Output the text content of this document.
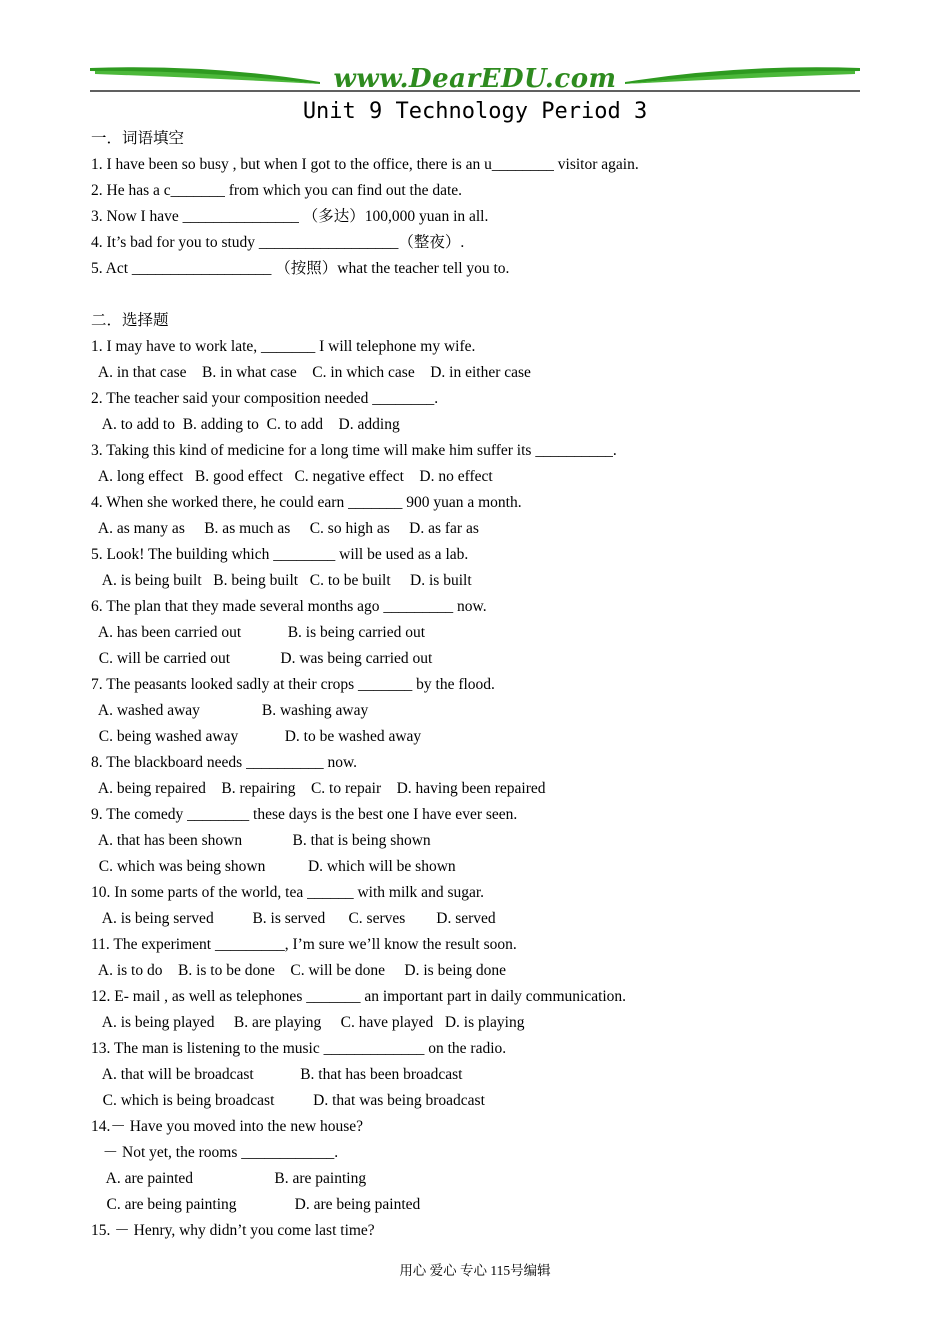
www.DearEDU.com
Unit 9 Technology Period 3
一．词语填空
1. I have been so busy , but when I got to the office, there is an u________ visitor again.
2. He has a c_______ from which you can find out the date.
3. Now I have _______________ （多达）100,000 yuan in all.
4. It’s bad for you to study __________________（整夜）.
5. Act __________________ （按照）what the teacher tell you to.
二．选择题
1. I may have to work late, _______ I will telephone my wife.
A. in that case    B. in what case    C. in which case    D. in either case
2. The teacher said your composition needed ________.
A. to add to  B. adding to  C. to add    D. adding
3. Taking this kind of medicine for a long time will make him suffer its __________.
A. long effect   B. good effect   C. negative effect    D. no effect
4. When she worked there, he could earn _______ 900 yuan a month.
A. as many as     B. as much as     C. so high as     D. as far as
5. Look! The building which ________ will be used as a lab.
A. is being built   B. being built   C. to be built     D. is built
6. The plan that they made several months ago _________ now.
A. has been carried out            B. is being carried out
C. will be carried out             D. was being carried out
7. The peasants looked sadly at their crops _______ by the flood.
A. washed away                B. washing away
C. being washed away            D. to be washed away
8. The blackboard needs __________ now.
A. being repaired    B. repairing    C. to repair    D. having been repaired
9. The comedy ________ these days is the best one I have ever seen.
A. that has been shown             B. that is being shown
C. which was being shown           D. which will be shown
10. In some parts of the world, tea ______ with milk and sugar.
A. is being served          B. is served      C. serves        D. served
11. The experiment _________, I’m sure we’ll know the result soon.
A. is to do    B. is to be done    C. will be done     D. is being done
12. E- mail , as well as telephones _______ an important part in daily communication.
A. is being played     B. are playing     C. have played   D. is playing
13. The man is listening to the music _____________ on the radio.
A. that will be broadcast            B. that has been broadcast
C. which is being broadcast          D. that was being broadcast
14.－ Have you moved into the new house?
－ Not yet, the rooms ____________.
A. are painted                     B. are painting
C. are being painting               D. are being painted
15. － Henry, why didn’t you come last time?
用心 爱心 专心 115号编辑
